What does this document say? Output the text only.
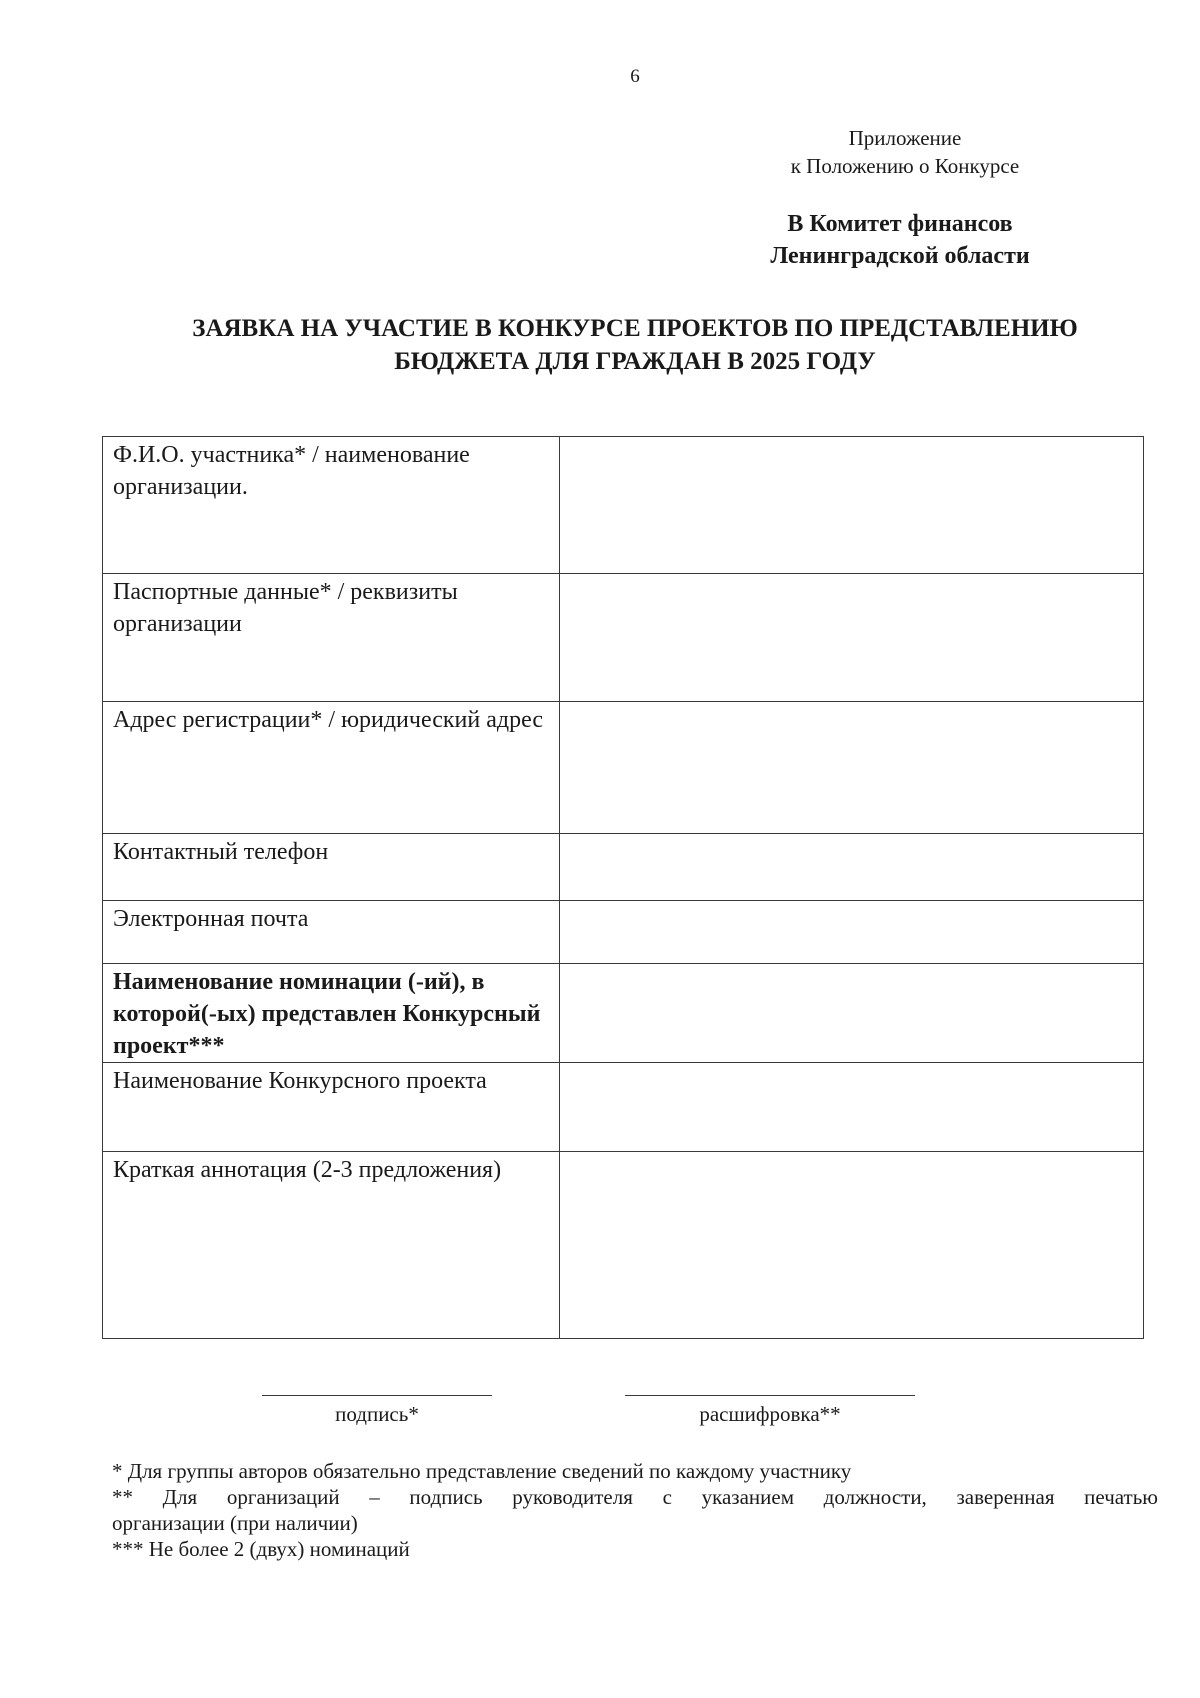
6
Приложение
к Положению о Конкурсе
В Комитет финансов
Ленинградской области
ЗАЯВКА НА УЧАСТИЕ В КОНКУРСЕ ПРОЕКТОВ ПО ПРЕДСТАВЛЕНИЮ
БЮДЖЕТА ДЛЯ ГРАЖДАН В 2025 ГОДУ
Ф.И.О. участника* / наименование организации.	
Паспортные данные* / реквизиты организации	
Адрес регистрации* / юридический адрес	
Контактный телефон	
Электронная почта	
Наименование номинации (-ий), в которой(-ых) представлен Конкурсный проект***	
Наименование Конкурсного проекта	
Краткая аннотация (2-3 предложения)	
подпись*	расшифровка**

* Для группы авторов обязательно представление сведений по каждому участнику

** Для организаций – подпись руководителя с указанием должности, заверенная печатью

организации (при наличии)

*** Не более 2 (двух) номинаций
